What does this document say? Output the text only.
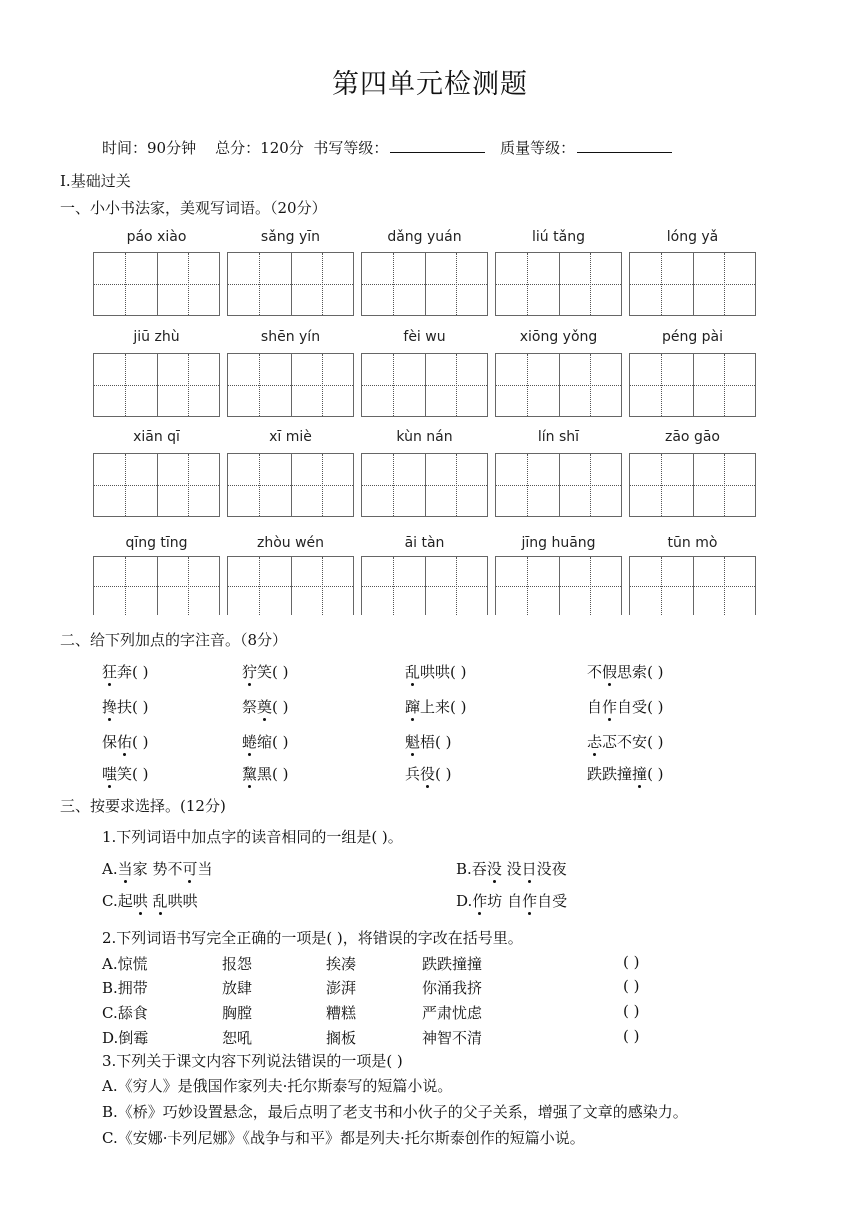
第四单元检测题
时间：90分钟 总分：120分 书写等级：	质量等级：
Ⅰ.基础过关
一、小小书法家，美观写词语。（20分）
páo xiào	sǎng yīn	dǎng yuán	liú tǎng	lóng yǎ
jiū zhù	shēn yín	fèi wu	xiōng yǒng	péng pài
xiān qī	xī miè	kùn nán	lín shī	zāo gāo
qīng tīng	zhòu wén	āi tàn	jīng huāng	tūn mò
二、给下列加点的字注音。（8分）
狂奔( )	狞笑( )	乱哄哄( )	不假思索( )
搀扶( )	祭奠( )	蹿上来( )	自作自受( )
保佑( )	蜷缩( )	魁梧( )	忐忑不安( )
嗤笑( )	黧黑( )	兵役( )	跌跌撞撞( )
三、按要求选择。(12分)
1.下列词语中加点字的读音相同的一组是( )。
A.当家 势不可当	B.吞没 没日没夜
C.起哄 乱哄哄	D.作坊 自作自受
2.下列词语书写完全正确的一项是( )，将错误的字改在括号里。
A.惊慌	报怨	挨凑	跌跌撞撞	( )
B.拥带	放肆	澎湃	你涌我挤	( )
C.舔食	胸膛	糟糕	严肃忧虑	( )
D.倒霉	恕吼	搁板	神智不清	( )
3.下列关于课文内容下列说法错误的一项是( )
A.《穷人》是俄国作家列夫·托尔斯泰写的短篇小说。
B.《桥》巧妙设置悬念，最后点明了老支书和小伙子的父子关系，增强了文章的感染力。
C.《安娜·卡列尼娜》《战争与和平》都是列夫·托尔斯泰创作的短篇小说。
